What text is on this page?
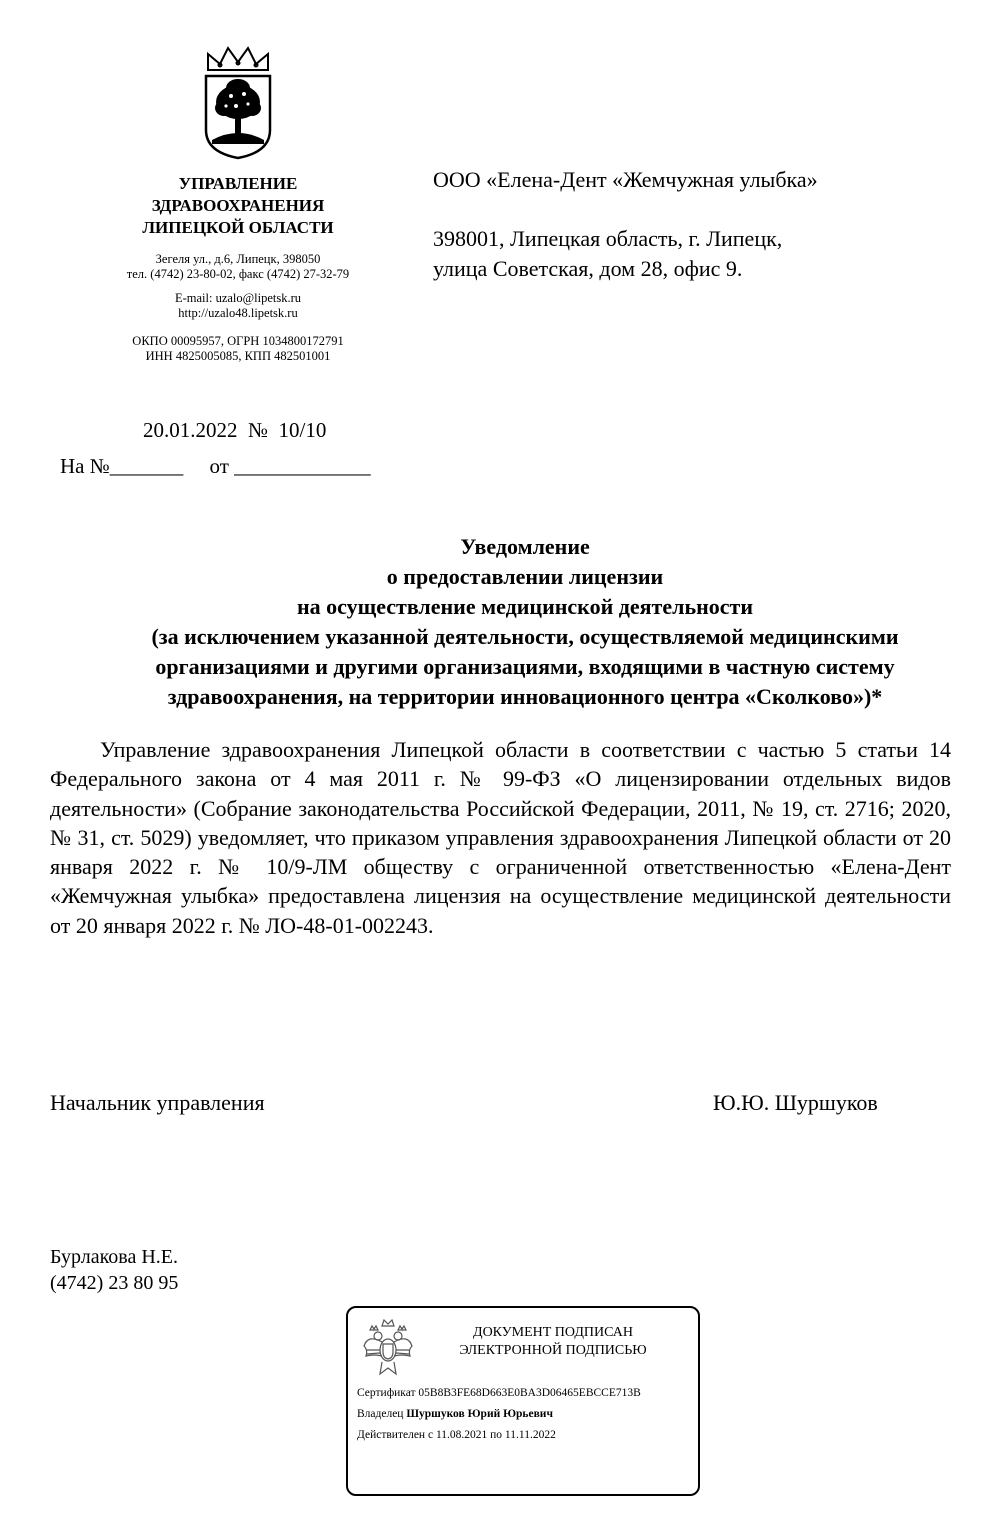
УПРАВЛЕНИЕ
ЗДРАВООХРАНЕНИЯ
ЛИПЕЦКОЙ ОБЛАСТИ
Зегеля ул., д.6, Липецк, 398050
тел. (4742) 23-80-02, факс (4742) 27-32-79
E-mail: uzalo@lipetsk.ru
http://uzalo48.lipetsk.ru
ОКПО 00095957, ОГРН 1034800172791
ИНН 4825005085, КПП 482501001
20.01.2022  №  10/10
На №_______     от _____________
ООО «Елена-Дент «Жемчужная улыбка»
398001, Липецкая область, г. Липецк,
улица Советская, дом 28, офис 9.
Уведомление
о предоставлении лицензии
на осуществление медицинской деятельности
(за исключением указанной деятельности, осуществляемой медицинскими
организациями и другими организациями, входящими в частную систему
здравоохранения, на территории инновационного центра «Сколково»)*
Управление здравоохранения Липецкой области в соответствии с частью 5 статьи 14 Федерального закона от 4 мая 2011 г. № 99-ФЗ «О лицензировании отдельных видов деятельности» (Собрание законодательства Российской Федерации, 2011, № 19, ст. 2716; 2020, № 31, ст. 5029) уведомляет, что приказом управления здравоохранения Липецкой области от 20 января 2022 г. № 10/9-ЛМ обществу с ограниченной ответственностью «Елена-Дент «Жемчужная улыбка» предоставлена лицензия на осуществление медицинской деятельности от 20 января 2022 г. № ЛО-48-01-002243.
Начальник управления	Ю.Ю. Шуршуков
Бурлакова Н.Е.
(4742) 23 80 95
ДОКУМЕНТ ПОДПИСАН
ЭЛЕКТРОННОЙ ПОДПИСЬЮ
Сертификат 05B8B3FE68D663E0BA3D06465EBCCE713B
Владелец Шуршуков Юрий Юрьевич
Действителен с 11.08.2021 по 11.11.2022
